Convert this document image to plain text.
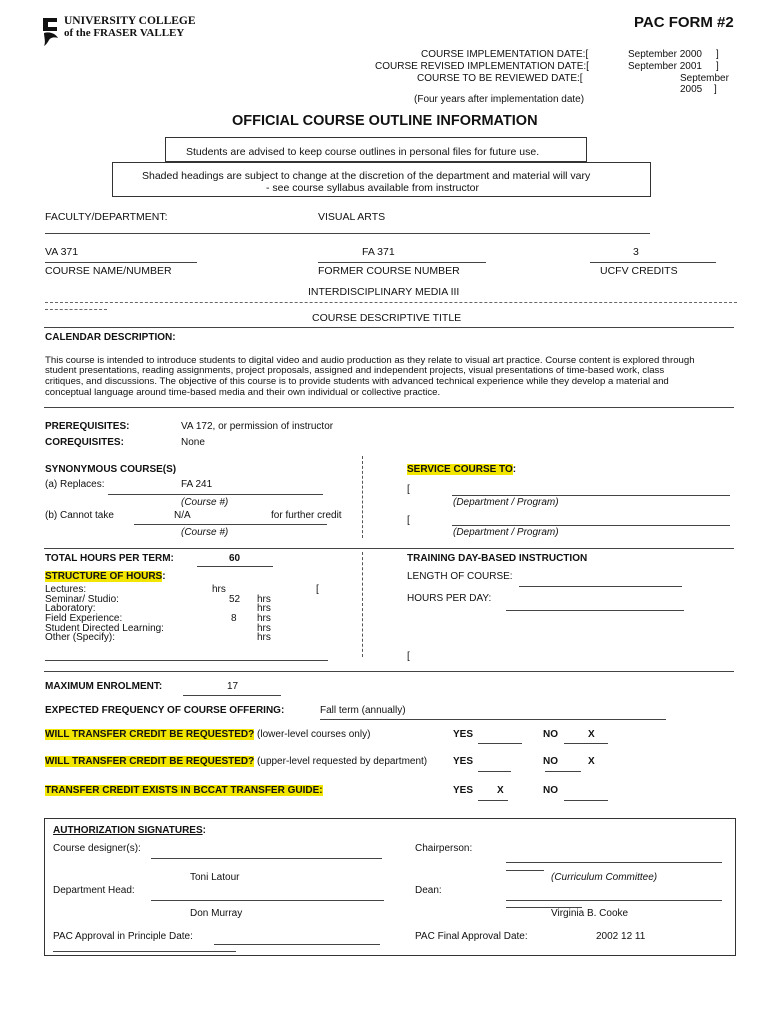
UNIVERSITY COLLEGE
of the FRASER VALLEY
PAC FORM #2
COURSE IMPLEMENTATION DATE:[	September 2000 ]
COURSE REVISED IMPLEMENTATION DATE:[	September 2001 ]
COURSE TO BE REVIEWED DATE:[	September
2005 ]
(Four years after implementation date)
OFFICIAL COURSE OUTLINE INFORMATION
Students are advised to keep course outlines in personal files for future use.
Shaded headings are subject to change at the discretion of the department and material will vary
- see course syllabus available from instructor
FACULTY/DEPARTMENT:	VISUAL ARTS
VA 371
COURSE NAME/NUMBER
FA 371
FORMER COURSE NUMBER
3
UCFV CREDITS
INTERDISCIPLINARY MEDIA III
COURSE DESCRIPTIVE TITLE
CALENDAR DESCRIPTION:
This course is intended to introduce students to digital video and audio production as they relate to visual art practice. Course content is explored through
student presentations, reading assignments, project proposals, assigned and independent projects, visual presentations of time-based work, class
critiques, and discussions. The objective of this course is to provide students with advanced technical experience while they develop a material and
conceptual language around time-based media and their own individual or collective practice.
PREREQUISITES:	VA 172, or permission of instructor
COREQUISITES:	None
SYNONYMOUS COURSE(S)
(a) Replaces:	FA 241
(Course #)
(b) Cannot take	N/A	for further credit
(Course #)
SERVICE COURSE TO:
[
(Department / Program)
[
(Department / Program)
TOTAL HOURS PER TERM:	60
STRUCTURE OF HOURS:
Lectures:	hrs	[
Seminar/ Studio:	52 hrs
Laboratory:	hrs
Field Experience:	8 hrs
Student Directed Learning:	hrs
Other (Specify):	hrs
TRAINING DAY-BASED INSTRUCTION
LENGTH OF COURSE:
HOURS PER DAY:
[
MAXIMUM ENROLMENT:	17
EXPECTED FREQUENCY OF COURSE OFFERING:	Fall term (annually)
WILL TRANSFER CREDIT BE REQUESTED? (lower-level courses only)	YES	NO	X
WILL TRANSFER CREDIT BE REQUESTED? (upper-level requested by department)	YES	NO	X
TRANSFER CREDIT EXISTS IN BCCAT TRANSFER GUIDE:	YES X	NO
AUTHORIZATION SIGNATURES:
Course designer(s):
Toni Latour
Chairperson:
(Curriculum Committee)
Department Head:
Don Murray
Dean:
Virginia B. Cooke
PAC Approval in Principle Date:	PAC Final Approval Date:	2002 12 11
